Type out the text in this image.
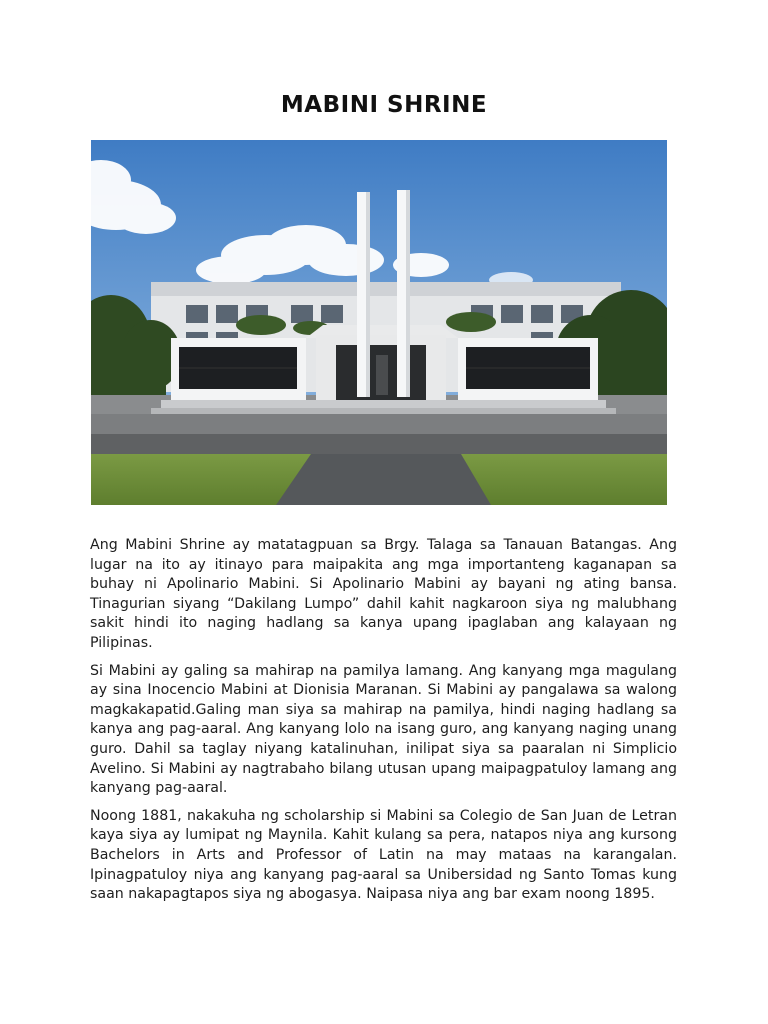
MABINI SHRINE

Ang Mabini Shrine ay matatagpuan sa Brgy. Talaga sa Tanauan Batangas. Ang lugar na ito ay itinayo para maipakita ang mga importanteng kaganapan sa buhay ni Apolinario Mabini. Si Apolinario Mabini ay bayani ng ating bansa. Tinagurian siyang “Dakilang Lumpo” dahil kahit nagkaroon siya ng malubhang sakit hindi ito naging hadlang sa kanya upang ipaglaban ang kalayaan ng Pilipinas.

Si Mabini ay galing sa mahirap na pamilya lamang. Ang kanyang mga magulang ay sina Inocencio Mabini at Dionisia Maranan. Si Mabini ay pangalawa sa walong magkakapatid.Galing man siya sa mahirap na pamilya, hindi naging hadlang sa kanya ang pag-aaral. Ang kanyang lolo na isang guro, ang kanyang naging unang guro. Dahil sa taglay niyang katalinuhan, inilipat siya sa paaralan ni Simplicio Avelino. Si Mabini ay nagtrabaho bilang utusan upang maipagpatuloy lamang ang kanyang pag-aaral.

Noong 1881, nakakuha ng scholarship si Mabini sa Colegio de San Juan de Letran kaya siya ay lumipat ng Maynila. Kahit kulang sa pera, natapos niya ang kursong Bachelors in Arts and Professor of Latin na may mataas na karangalan. Ipinagpatuloy niya ang kanyang pag-aaral sa Unibersidad ng Santo Tomas kung saan nakapagtapos siya ng abogasya. Naipasa niya ang bar exam noong 1895.
